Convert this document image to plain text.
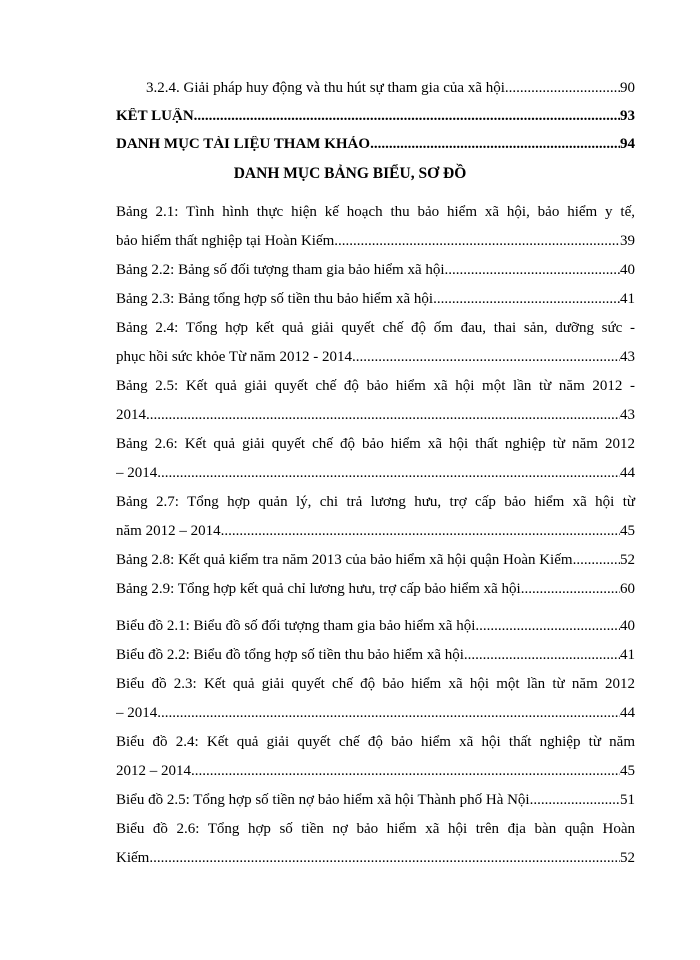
3.2.4. Giải pháp huy động và thu hút sự tham gia của xã hội .....	90
KẾT LUẬN .....	93
DANH MỤC TÀI LIỆU THAM KHẢO .....	94
DANH MỤC BẢNG BIỂU, SƠ ĐỒ
Bảng 2.1: Tình hình thực hiện kế hoạch thu bảo hiểm xã hội, bảo hiểm y tế,
bảo hiểm thất nghiệp tại Hoàn Kiếm .....	39
Bảng 2.2: Bảng số đối tượng tham gia bảo hiểm xã hội .....	40
Bảng 2.3: Bảng tổng hợp số tiền thu bảo hiểm xã hội .....	41
Bảng 2.4: Tổng hợp kết quả giải quyết chế độ ốm đau, thai sản, dưỡng sức -
phục hồi sức khỏe Từ năm 2012 - 2014 .....	43
Bảng 2.5: Kết quả giải quyết chế độ bảo hiểm xã hội một lần từ năm 2012 -
2014 .....	43
Bảng 2.6: Kết quả giải quyết chế độ bảo hiểm xã hội thất nghiệp từ năm 2012
– 2014 .....	44
Bảng 2.7: Tổng hợp quản lý, chi trả lương hưu, trợ cấp bảo hiểm xã hội từ
năm 2012 – 2014 .....	45
Bảng 2.8: Kết quả kiểm tra năm 2013 của bảo hiểm xã hội quận Hoàn Kiếm .....	52
Bảng 2.9: Tổng hợp kết quả chỉ lương hưu, trợ cấp bảo hiểm xã hội .....	60
Biểu đồ 2.1: Biểu đồ số đối tượng tham gia bảo hiểm xã hội .....	40
Biểu đồ 2.2: Biểu đồ tổng hợp số tiền thu bảo hiểm xã hội .....	41
Biểu đồ 2.3: Kết quả giải quyết chế độ bảo hiểm xã hội một lần từ năm 2012
– 2014 .....	44
Biểu đồ 2.4: Kết quả giải quyết chế độ bảo hiểm xã hội thất nghiệp từ năm
2012 – 2014 .....	45
Biểu đồ 2.5: Tổng hợp số tiền nợ bảo hiểm xã hội Thành phố Hà Nội .....	51
Biểu đồ 2.6: Tổng hợp số tiền nợ bảo hiểm xã hội trên địa bàn quận Hoàn
Kiếm .....	52
